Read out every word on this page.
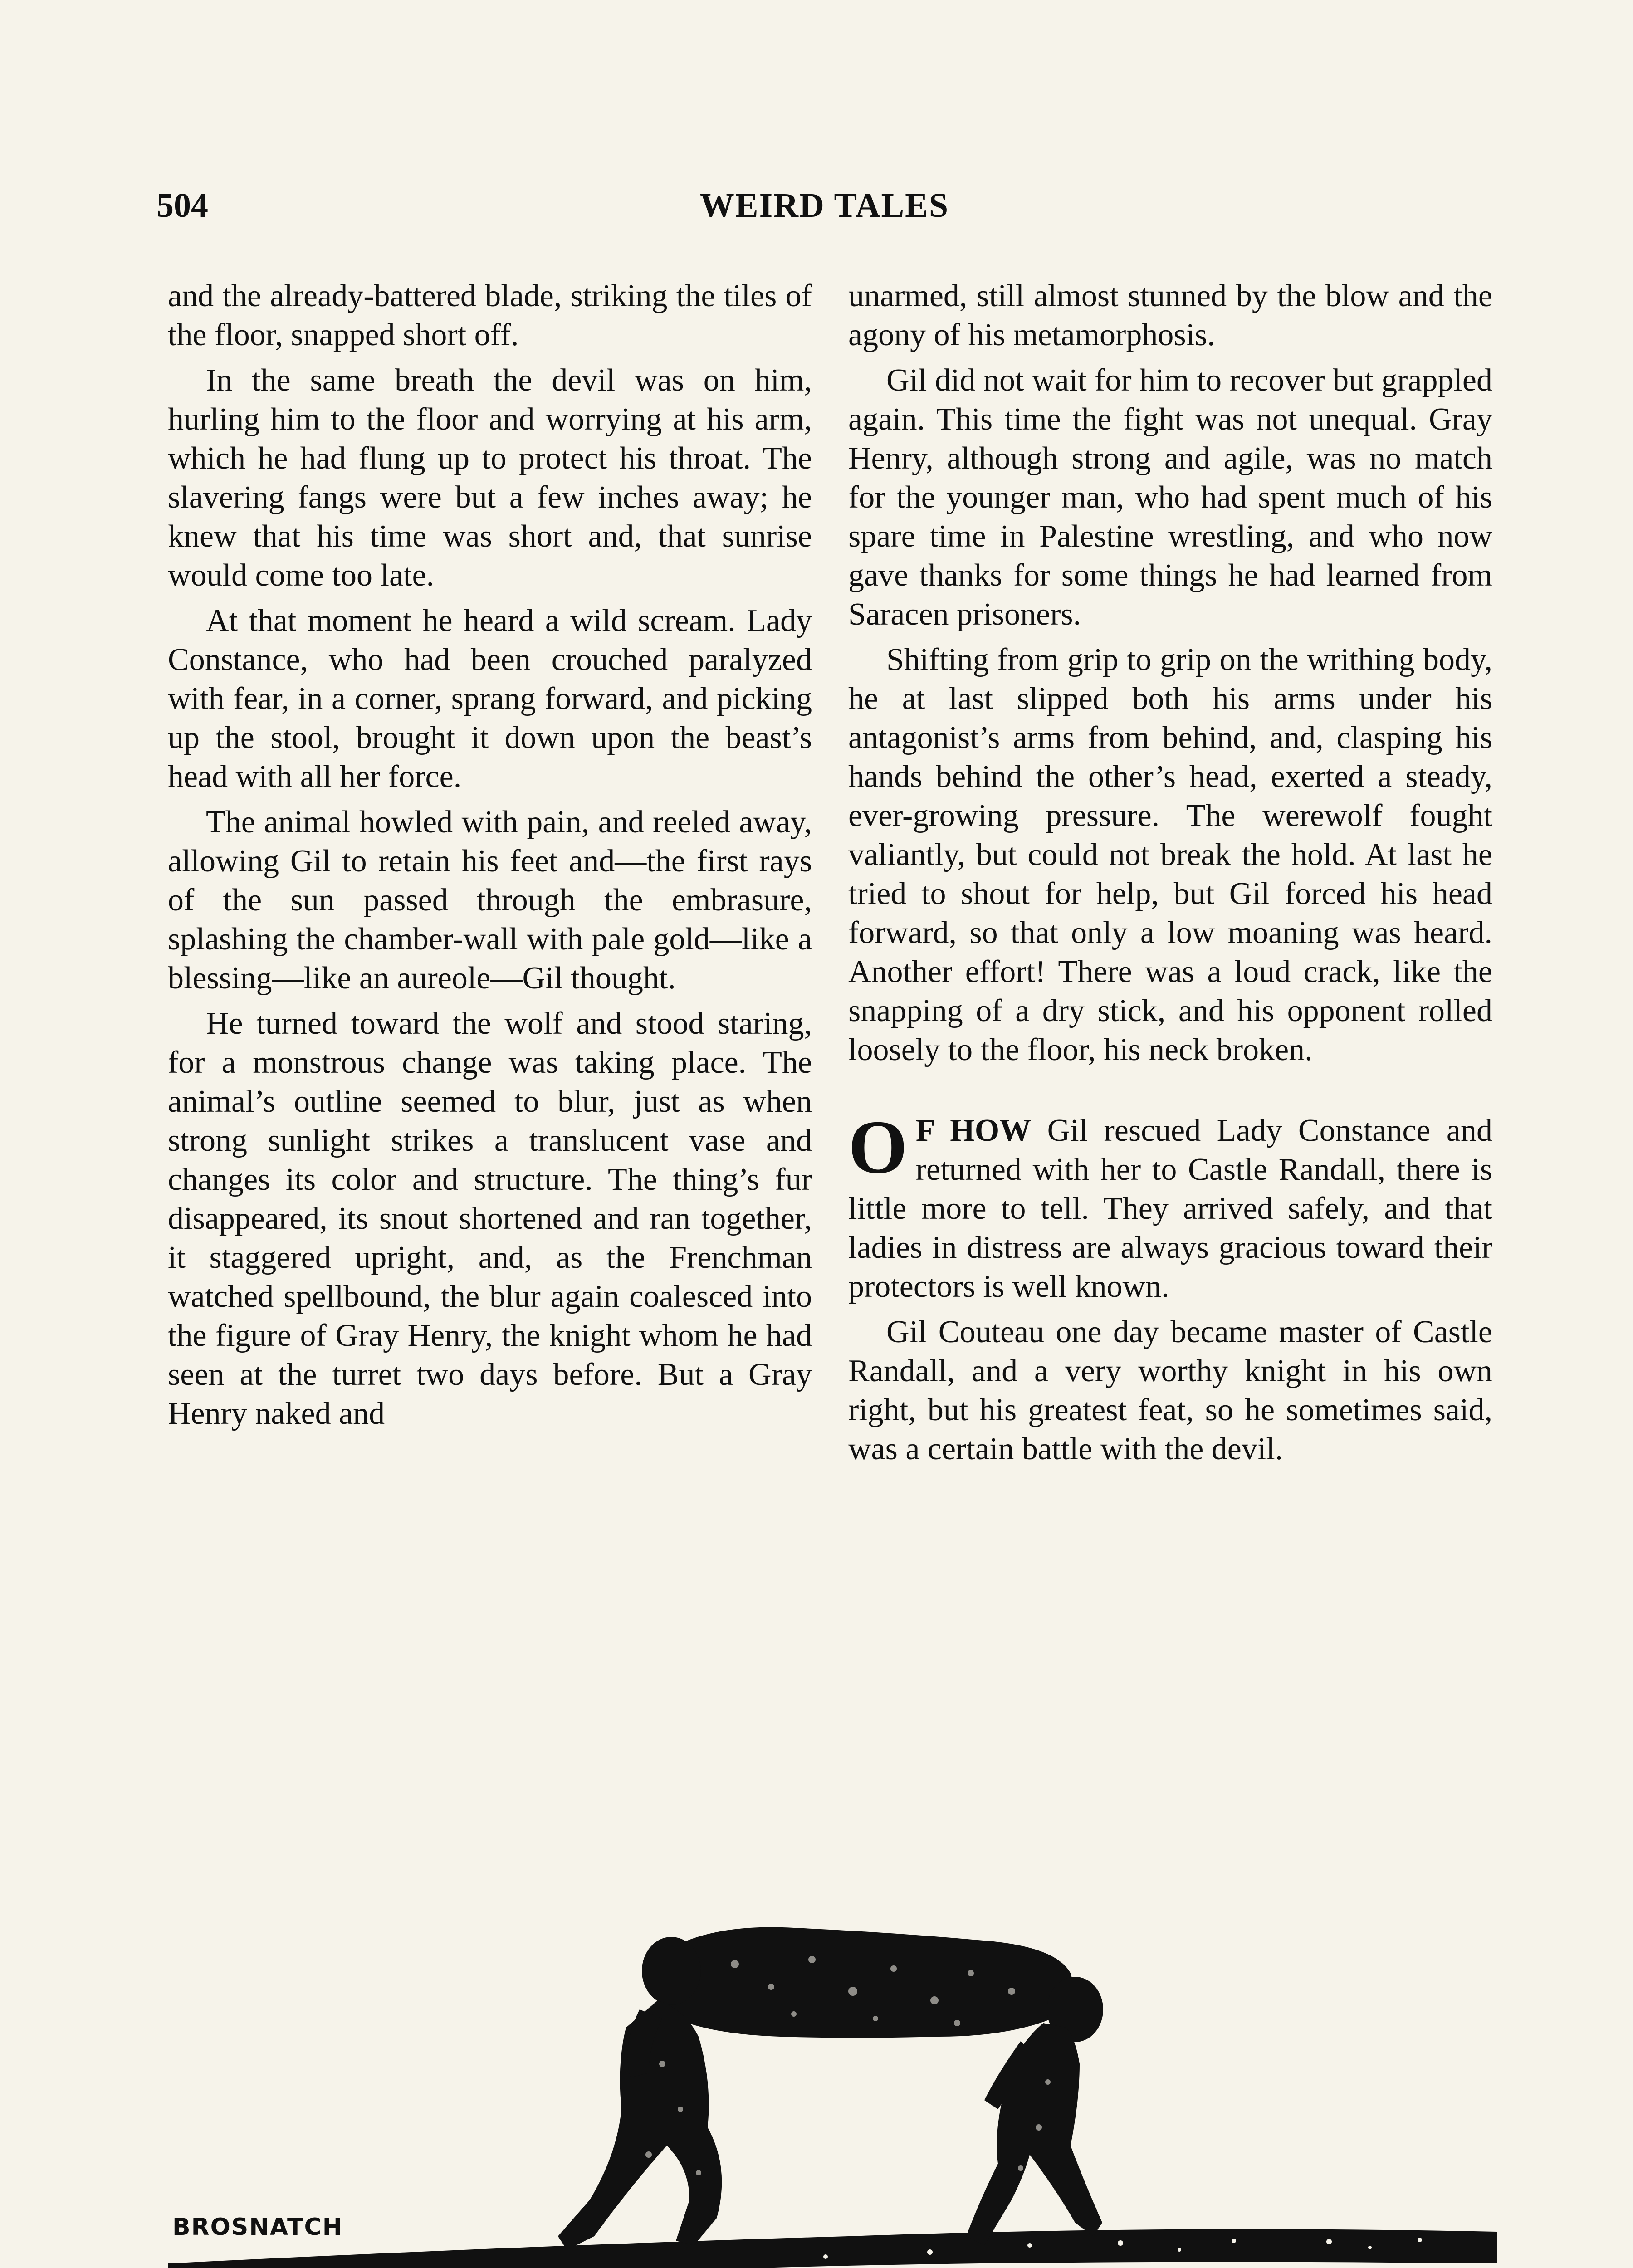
504	WEIRD TALES

and the already-battered blade, striking the tiles of the floor, snapped short off.

In the same breath the devil was on him, hurling him to the floor and worrying at his arm, which he had flung up to protect his throat. The slavering fangs were but a few inches away; he knew that his time was short and, that sunrise would come too late.

At that moment he heard a wild scream. Lady Constance, who had been crouched paralyzed with fear, in a corner, sprang forward, and picking up the stool, brought it down upon the beast’s head with all her force.

The animal howled with pain, and reeled away, allowing Gil to retain his feet and—the first rays of the sun passed through the embrasure, splashing the chamber-wall with pale gold—like a blessing—like an aureole—Gil thought.

He turned toward the wolf and stood staring, for a monstrous change was taking place. The animal’s outline seemed to blur, just as when strong sunlight strikes a translucent vase and changes its color and structure. The thing’s fur disappeared, its snout shortened and ran together, it staggered upright, and, as the Frenchman watched spellbound, the blur again coalesced into the figure of Gray Henry, the knight whom he had seen at the turret two days before. But a Gray Henry naked and

unarmed, still almost stunned by the blow and the agony of his metamorphosis.

Gil did not wait for him to recover but grappled again. This time the fight was not unequal. Gray Henry, although strong and agile, was no match for the younger man, who had spent much of his spare time in Palestine wrestling, and who now gave thanks for some things he had learned from Saracen prisoners.

Shifting from grip to grip on the writhing body, he at last slipped both his arms under his antagonist’s arms from behind, and, clasping his hands behind the other’s head, exerted a steady, ever-growing pressure. The werewolf fought valiantly, but could not break the hold. At last he tried to shout for help, but Gil forced his head forward, so that only a low moaning was heard. Another effort! There was a loud crack, like the snapping of a dry stick, and his opponent rolled loosely to the floor, his neck broken.

O F HOW Gil rescued Lady Constance and returned with her to Castle Randall, there is little more to tell. They arrived safely, and that ladies in distress are always gracious toward their protectors is well known.

Gil Couteau one day became master of Castle Randall, and a very worthy knight in his own right, but his greatest feat, so he sometimes said, was a certain battle with the devil.

BROSNATCH
